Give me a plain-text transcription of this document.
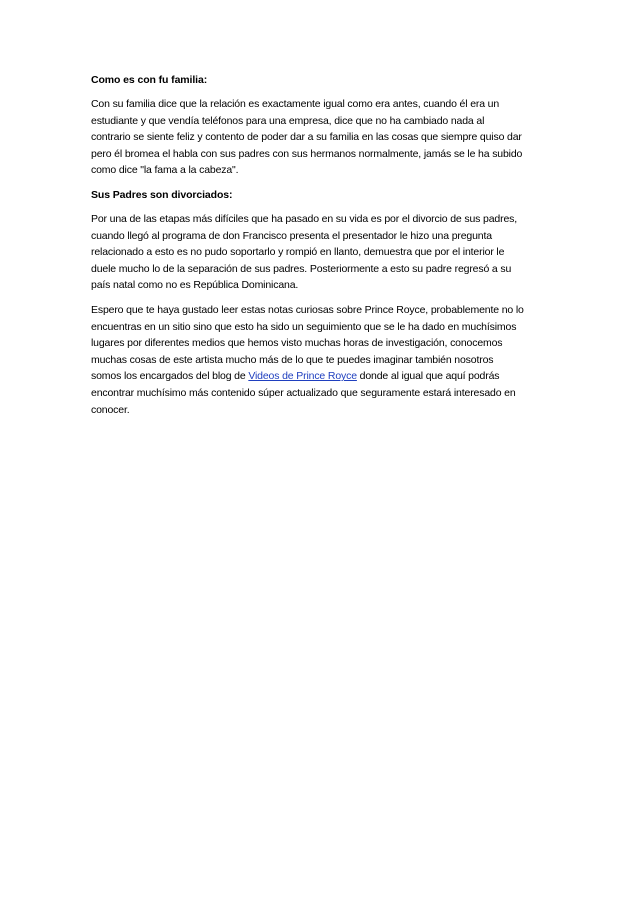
Como es con fu familia:

Con su familia dice que la relación es exactamente igual como era antes, cuando él era un
estudiante y que vendía teléfonos para una empresa, dice que no ha cambiado nada al
contrario se siente feliz y contento de poder dar a su familia en las cosas que siempre quiso dar
pero él bromea el habla con sus padres con sus hermanos normalmente, jamás se le ha subido
como dice "la fama a la cabeza".

Sus Padres son divorciados:

Por una de las etapas más difíciles que ha pasado en su vida es por el divorcio de sus padres,
cuando llegó al programa de don Francisco presenta el presentador le hizo una pregunta
relacionado a esto es no pudo soportarlo y rompió en llanto, demuestra que por el interior le
duele mucho lo de la separación de sus padres. Posteriormente a esto su padre regresó a su
país natal como no es República Dominicana.

Espero que te haya gustado leer estas notas curiosas sobre Prince Royce, probablemente no lo
encuentras en un sitio sino que esto ha sido un seguimiento que se le ha dado en muchísimos
lugares por diferentes medios que hemos visto muchas horas de investigación, conocemos
muchas cosas de este artista mucho más de lo que te puedes imaginar también nosotros
somos los encargados del blog de Videos de Prince Royce donde al igual que aquí podrás
encontrar muchísimo más contenido súper actualizado que seguramente estará interesado en
conocer.
